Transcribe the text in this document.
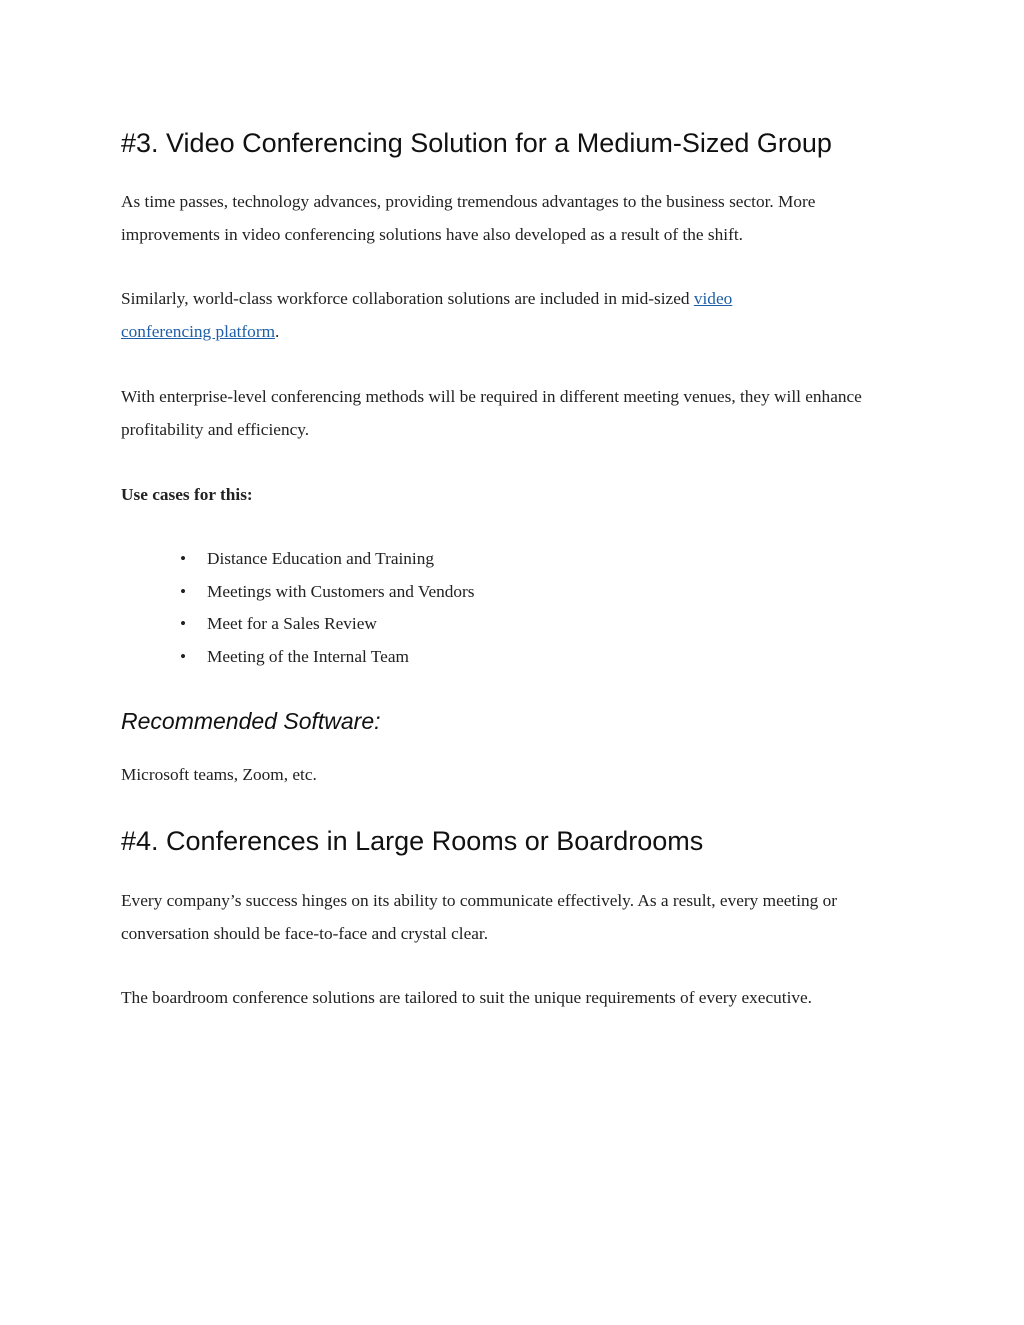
#3. Video Conferencing Solution for a Medium-Sized Group

As time passes, technology advances, providing tremendous advantages to the business sector. More improvements in video conferencing solutions have also developed as a result of the shift.

Similarly, world-class workforce collaboration solutions are included in mid-sized video conferencing platform.

With enterprise-level conferencing methods will be required in different meeting venues, they will enhance profitability and efficiency.

Use cases for this:

• Distance Education and Training
• Meetings with Customers and Vendors
• Meet for a Sales Review
• Meeting of the Internal Team
Recommended Software:

Microsoft teams, Zoom, etc.

#4. Conferences in Large Rooms or Boardrooms

Every company’s success hinges on its ability to communicate effectively. As a result, every meeting or conversation should be face-to-face and crystal clear.

The boardroom conference solutions are tailored to suit the unique requirements of every executive.
